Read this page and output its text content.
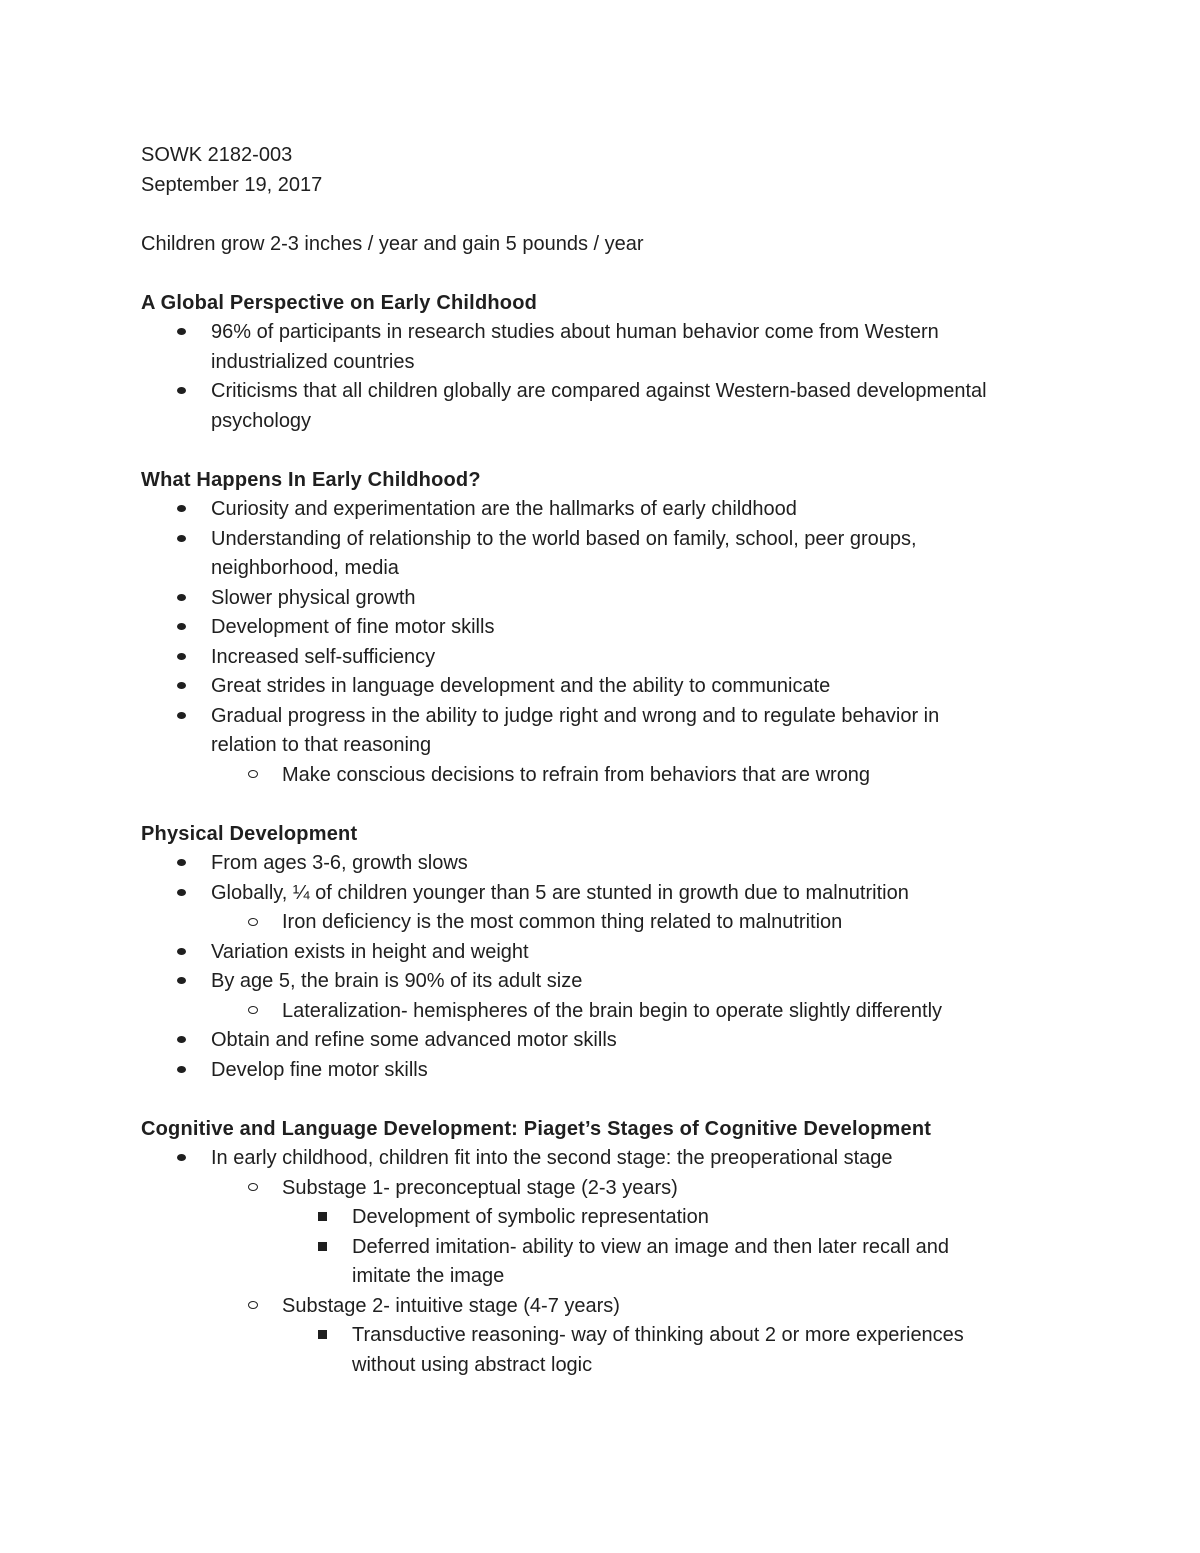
SOWK 2182-003
September 19, 2017
Children grow 2-3 inches / year and gain 5 pounds / year
A Global Perspective on Early Childhood
96% of participants in research studies about human behavior come from Western
industrialized countries
Criticisms that all children globally are compared against Western-based developmental
psychology
What Happens In Early Childhood?
Curiosity and experimentation are the hallmarks of early childhood
Understanding of relationship to the world based on family, school, peer groups,
neighborhood, media
Slower physical growth
Development of fine motor skills
Increased self-sufficiency
Great strides in language development and the ability to communicate
Gradual progress in the ability to judge right and wrong and to regulate behavior in
relation to that reasoning
Make conscious decisions to refrain from behaviors that are wrong
Physical Development
From ages 3-6, growth slows
Globally, ¼ of children younger than 5 are stunted in growth due to malnutrition
Iron deficiency is the most common thing related to malnutrition
Variation exists in height and weight
By age 5, the brain is 90% of its adult size
Lateralization- hemispheres of the brain begin to operate slightly differently
Obtain and refine some advanced motor skills
Develop fine motor skills
Cognitive and Language Development: Piaget’s Stages of Cognitive Development
In early childhood, children fit into the second stage: the preoperational stage
Substage 1- preconceptual stage (2-3 years)
Development of symbolic representation
Deferred imitation- ability to view an image and then later recall and
imitate the image
Substage 2- intuitive stage (4-7 years)
Transductive reasoning- way of thinking about 2 or more experiences
without using abstract logic
